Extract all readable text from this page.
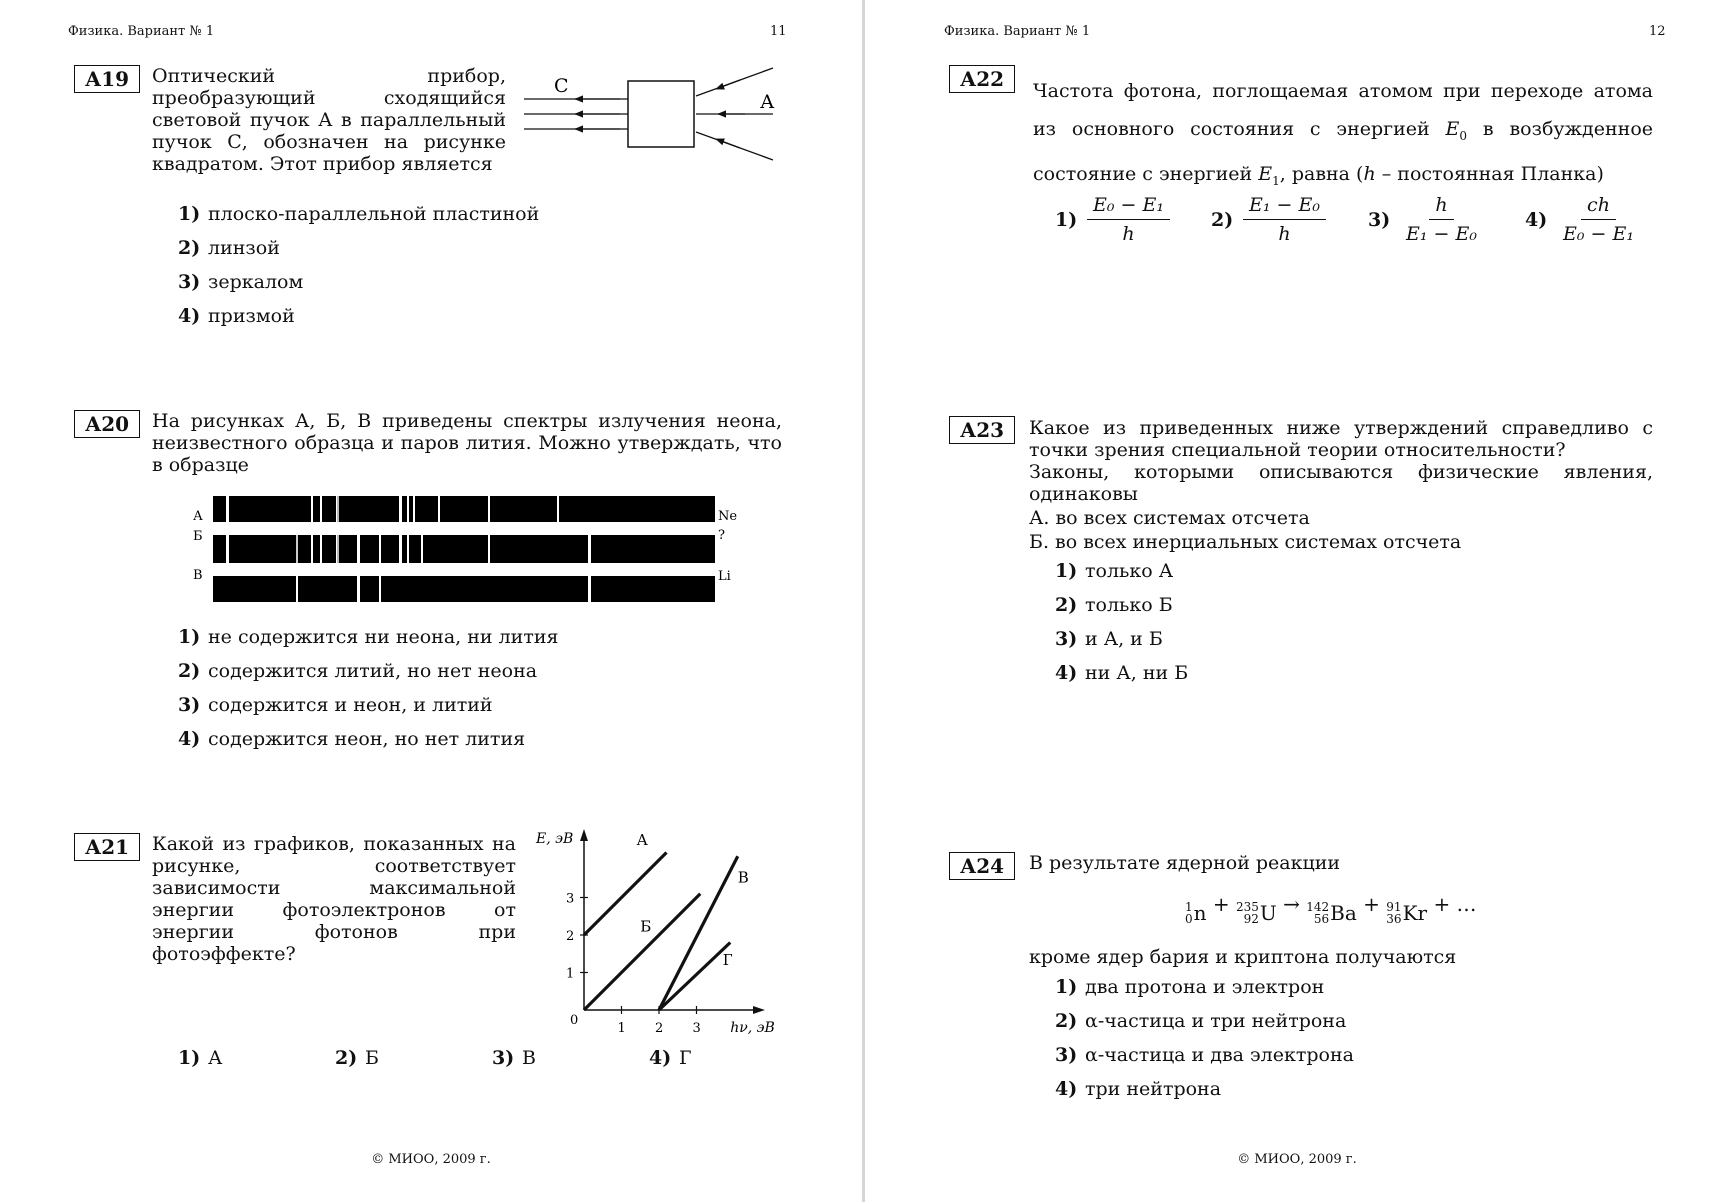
Физика. Вариант № 1	11
А19	Оптический прибор, преобразующий сходящийся световой пучок А в параллельный пучок С, обозначен на рисунке квадратом. Этот прибор является
С
А
1) плоско-параллельной пластиной
2) линзой
3) зеркалом
4) призмой
А20	На рисунках А, Б, В приведены спектры излучения неона, неизвестного образца и паров лития. Можно утверждать, что в образце
А
Б
В
Ne
?
Li
1) не содержится ни неона, ни лития
2) содержится литий, но нет неона
3) содержится и неон, и литий
4) содержится неон, но нет лития
А21	Какой из графиков, показанных на рисунке, соответствует зависимости максимальной энергии фотоэлектронов от энергии фотонов при фотоэффекте?
1 2 3
1
2
3
0
E, эВ
hν, эВ
А
Б
В
Г
1) А	2) Б	3) В	4) Г
© МИОО, 2009 г.
Физика. Вариант № 1	12
А22	Частота фотона, поглощаемая атомом при переходе атома из основного состояния с энергией $E_0$ в возбужденное состояние с энергией $E_1$, равна (h – постоянная Планка)
$1) \frac{\text{E₀ − E₁}}{h} 2) \frac{\text{E₁ − E₀}}{h} 3) \frac{h}{\text{E₁ − E₀}} 4) \frac{ch}{\text{E₀ − E₁}}$
А23	Какое из приведенных ниже утверждений справедливо с точки зрения специальной теории относительности?
Законы, которыми описываются физические явления, одинаковы
А. во всех системах отсчета
Б. во всех инерциальных системах отсчета
1) только А
2) только Б
3) и А, и Б
4) ни А, ни Б
А24	В результате ядерной реакции
1
0 n + 235
92 U → 142
56 Ba + 91
36 Kr + …
кроме ядер бария и криптона получаются
1) два протона и электрон
2) α-частица и три нейтрона
3) α-частица и два электрона
4) три нейтрона
© МИОО, 2009 г.
